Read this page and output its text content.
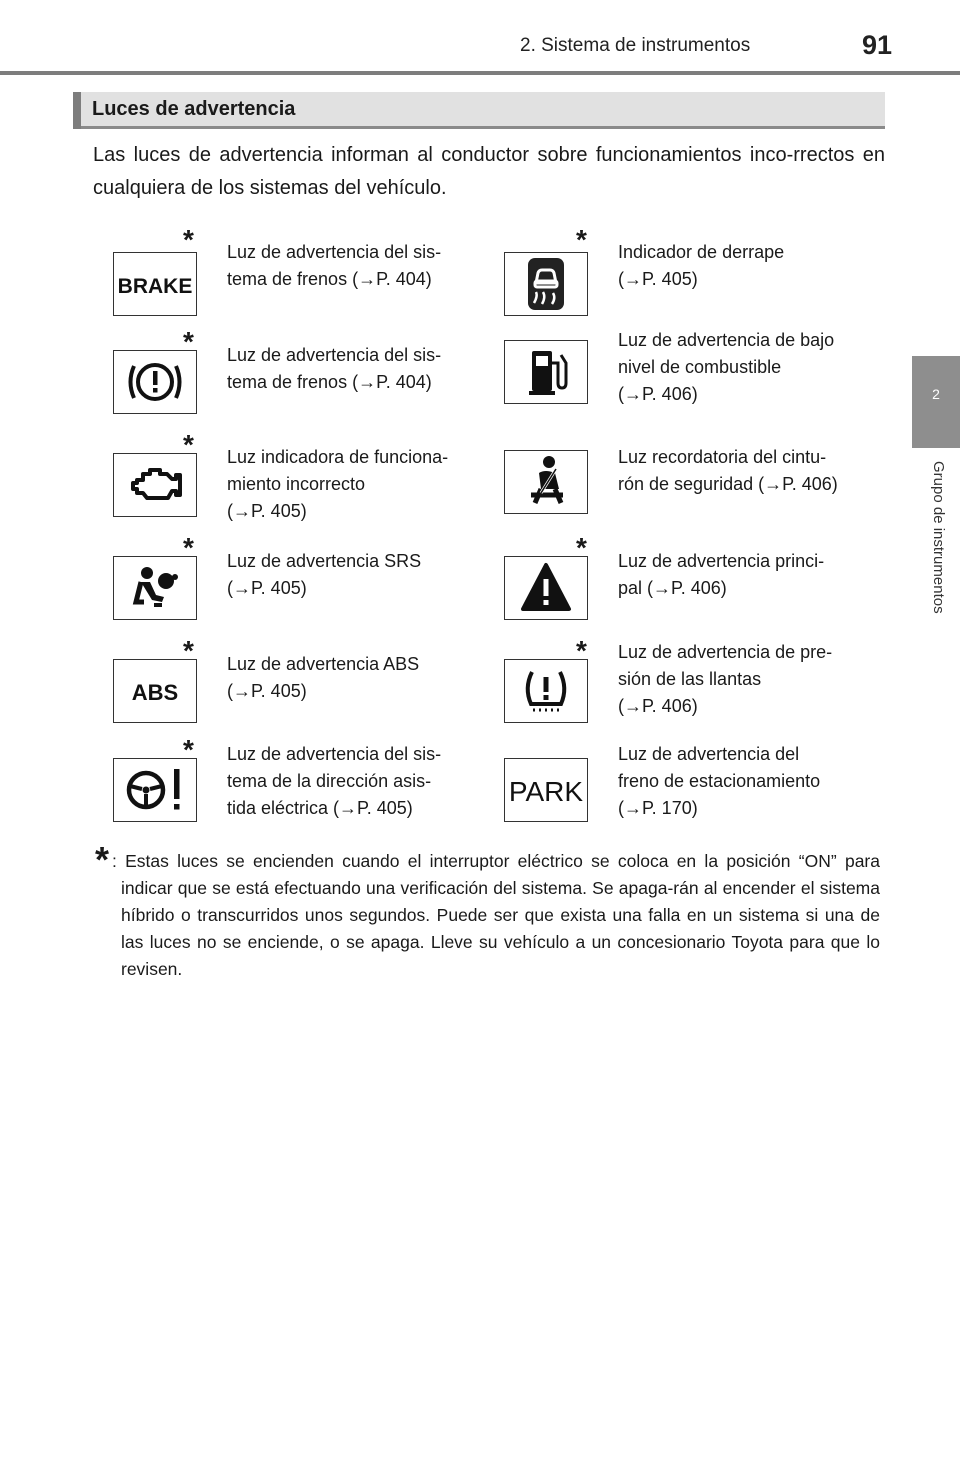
2. Sistema de instrumentos	91
2
Grupo de instrumentos
Luces de advertencia
Las luces de advertencia informan al conductor sobre funcionamientos inco-rrectos en cualquiera de los sistemas del vehículo.
BRAKE
* Luz de advertencia del sis-
tema de frenos (→P. 404)
* Indicador de derrape
(→P. 405)
* Luz de advertencia del sis-
tema de frenos (→P. 404)
Luz de advertencia de bajo
nivel de combustible
(→P. 406)
* Luz indicadora de funciona-
miento incorrecto
(→P. 405)
Luz recordatoria del cintu-
rón de seguridad (→P. 406)
* Luz de advertencia SRS
(→P. 405)
* Luz de advertencia princi-
pal (→P. 406)
ABS
* Luz de advertencia ABS
(→P. 405)
* Luz de advertencia de pre-
sión de las llantas
(→P. 406)
* Luz de advertencia del sis-
tema de la dirección asis-
tida eléctrica (→P. 405)
PARK
Luz de advertencia del
freno de estacionamiento
(→P. 170)
* : Estas luces se encienden cuando el interruptor eléctrico se coloca en la posición “ON” para indicar que se está efectuando una verificación del sistema. Se apaga-rán al encender el sistema híbrido o transcurridos unos segundos. Puede ser que exista una falla en un sistema si una de las luces no se enciende, o se apaga. Lleve su vehículo a un concesionario Toyota para que lo revisen.
